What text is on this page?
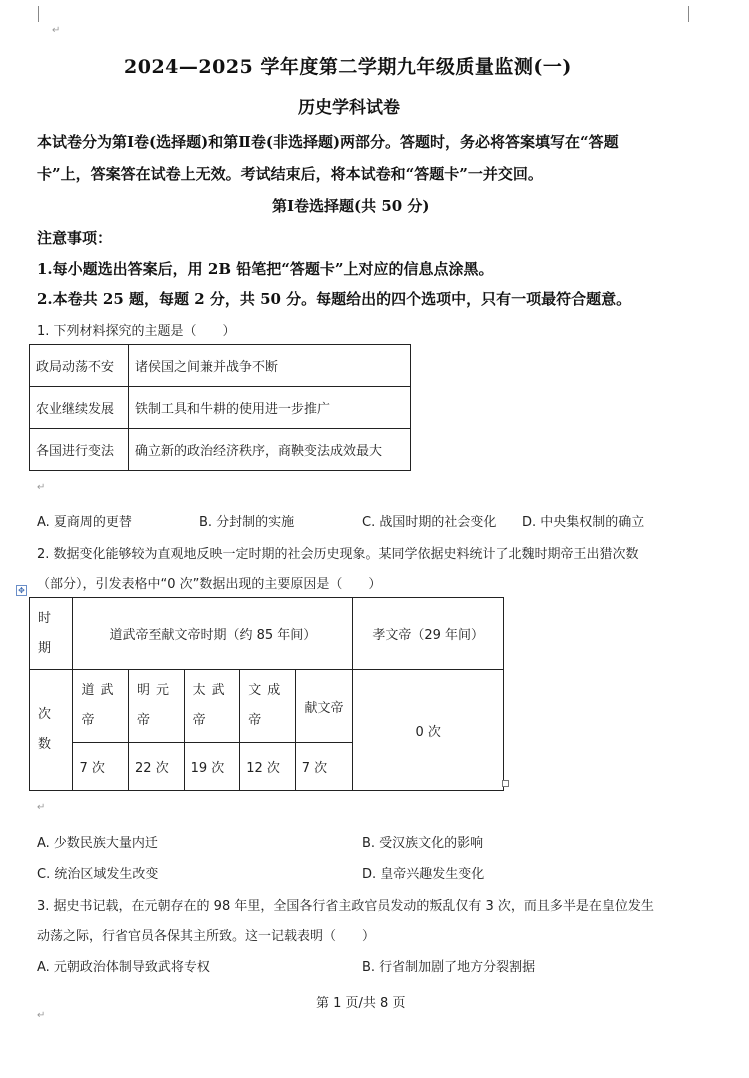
↵
2024—2025 学年度第二学期九年级质量监测(一)
历史学科试卷
本试卷分为第Ⅰ卷(选择题)和第Ⅱ卷(非选择题)两部分。答题时，务必将答案填写在“答题
卡”上，答案答在试卷上无效。考试结束后，将本试卷和“答题卡”一并交回。
第Ⅰ卷选择题(共 50 分)
注意事项：
1.每小题选出答案后，用 2B 铅笔把“答题卡”上对应的信息点涂黑。
2.本卷共 25 题，每题 2 分，共 50 分。每题给出的四个选项中，只有一项最符合题意。
1. 下列材料探究的主题是（　　）
政局动荡不安	诸侯国之间兼并战争不断
农业继续发展	铁制工具和牛耕的使用进一步推广
各国进行变法	确立新的政治经济秩序，商鞅变法成效最大
↵
A. 夏商周的更替	B. 分封制的实施	C. 战国时期的社会变化 D. 中央集权制的确立
2. 数据变化能够较为直观地反映一定时期的社会历史现象。某同学依据史料统计了北魏时期帝王出猎次数
（部分），引发表格中“0 次”数据出现的主要原因是（　　）
✥
时期	道武帝至献文帝时期（约 85 年间）					孝文帝（29 年间）
次数	道武帝	明元帝	太武帝	文成帝	献文帝	0 次
	7 次	22 次	19 次	12 次	7 次	
↵
A. 少数民族大量内迁	B. 受汉族文化的影响
C. 统治区域发生改变	D. 皇帝兴趣发生变化
3. 据史书记载，在元朝存在的 98 年里，全国各行省主政官员发动的叛乱仅有 3 次，而且多半是在皇位发生
动荡之际，行省官员各保其主所致。这一记载表明（　　）
A. 元朝政治体制导致武将专权	B. 行省制加剧了地方分裂割据
第 1 页/共 8 页
↵
